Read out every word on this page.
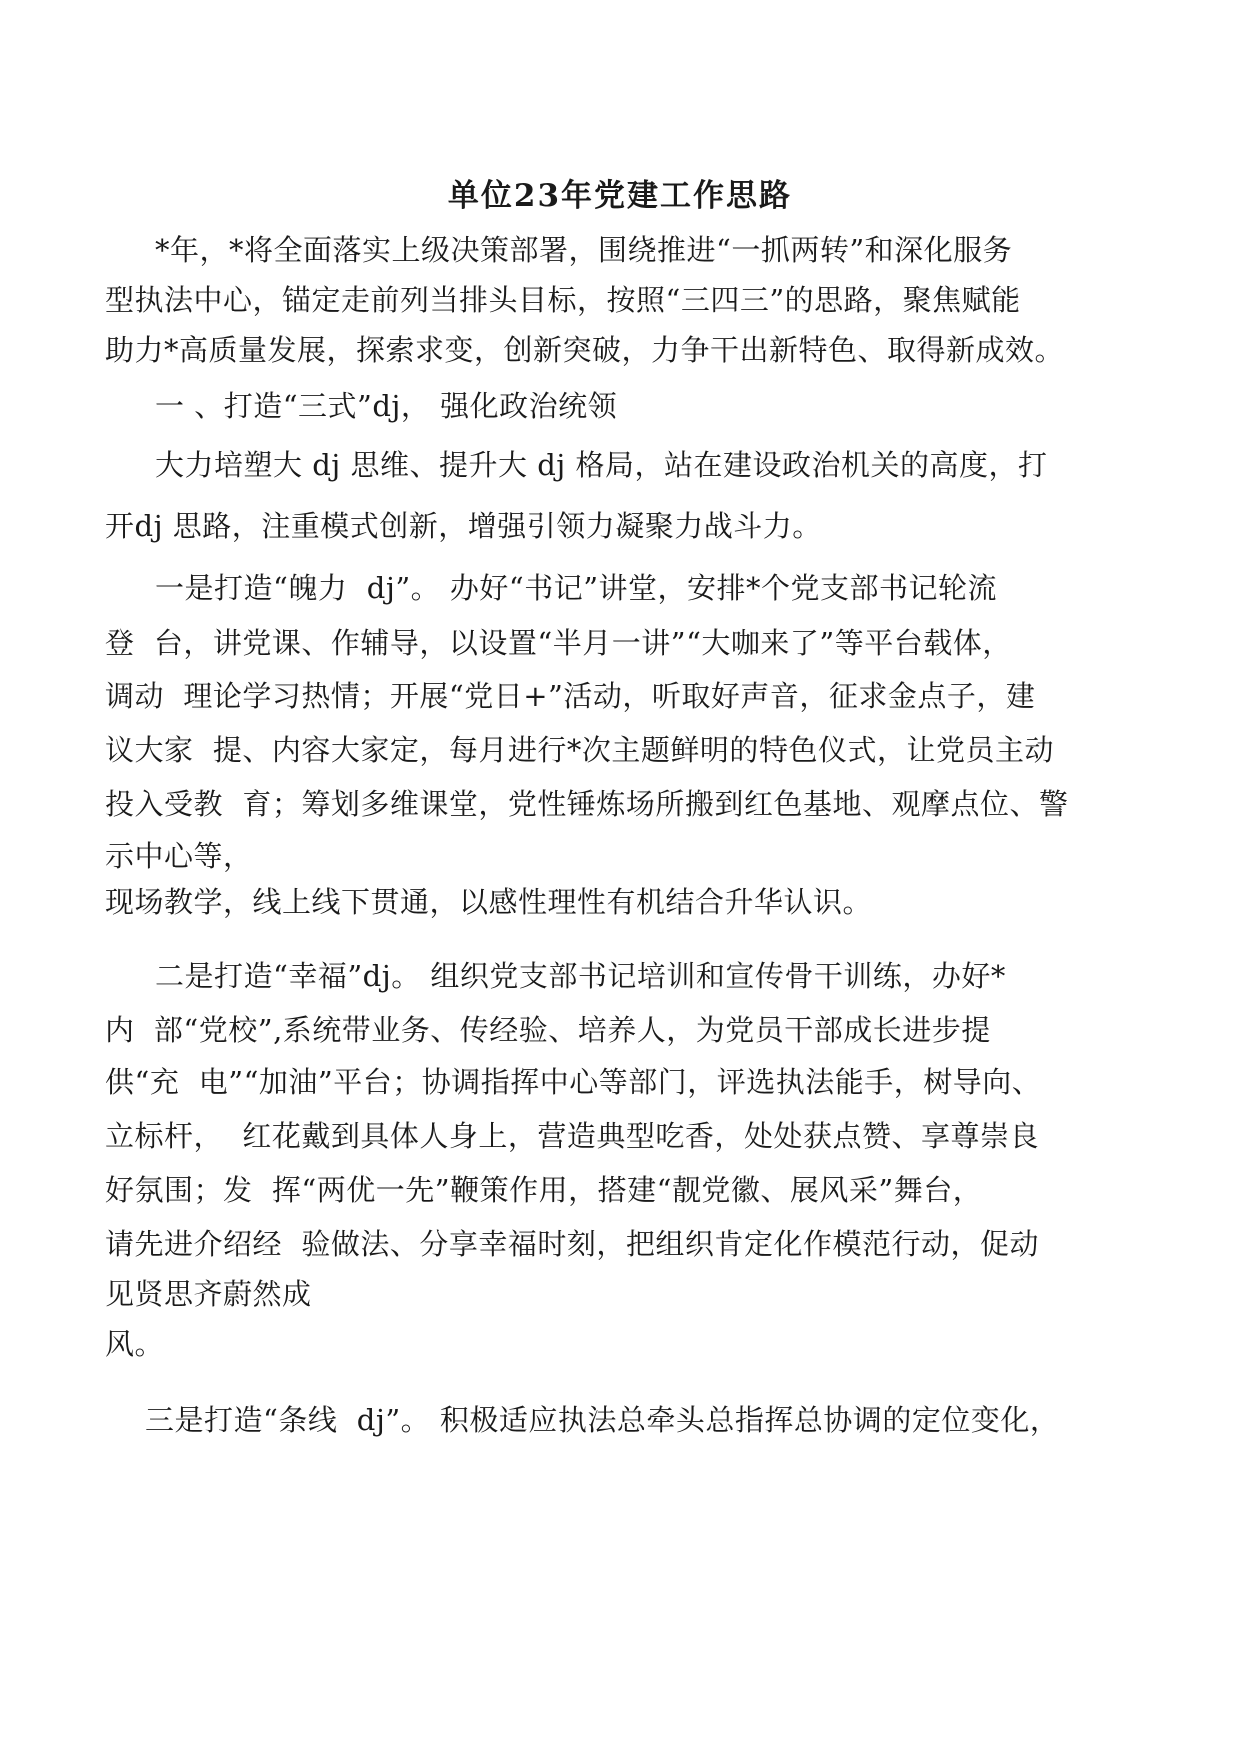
单位23年党建工作思路
*年，*将全面落实上级决策部署，围绕推进“一抓两转”和深化服务
型执法中心，锚定走前列当排头目标，按照“三四三”的思路，聚焦赋能
助力*高质量发展，探索求变，创新突破，力争干出新特色、取得新成效。
一 、打造“三式”dj， 强化政治统领
大力培塑大 dj 思维、提升大 dj 格局，站在建设政治机关的高度，打
开dj 思路，注重模式创新，增强引领力凝聚力战斗力。
一是打造“魄力  dj”。 办好“书记”讲堂，安排*个党支部书记轮流
登  台，讲党课、作辅导，以设置“半月一讲”“大咖来了”等平台载体，
调动  理论学习热情；开展“党日+”活动，听取好声音，征求金点子，建
议大家  提、内容大家定，每月进行*次主题鲜明的特色仪式，让党员主动
投入受教  育；筹划多维课堂，党性锤炼场所搬到红色基地、观摩点位、警
示中心等，
现场教学，线上线下贯通，以感性理性有机结合升华认识。
二是打造“幸福”dj。 组织党支部书记培训和宣传骨干训练，办好*
内  部“党校”,系统带业务、传经验、培养人，为党员干部成长进步提
供“充  电”“加油”平台；协调指挥中心等部门，评选执法能手，树导向、
立标杆，  红花戴到具体人身上，营造典型吃香，处处获点赞、享尊崇良
好氛围；发  挥“两优一先”鞭策作用，搭建“靓党徽、展风采”舞台，
请先进介绍经  验做法、分享幸福时刻，把组织肯定化作模范行动，促动
见贤思齐蔚然成
风。
三是打造“条线  dj”。 积极适应执法总牵头总指挥总协调的定位变化，
